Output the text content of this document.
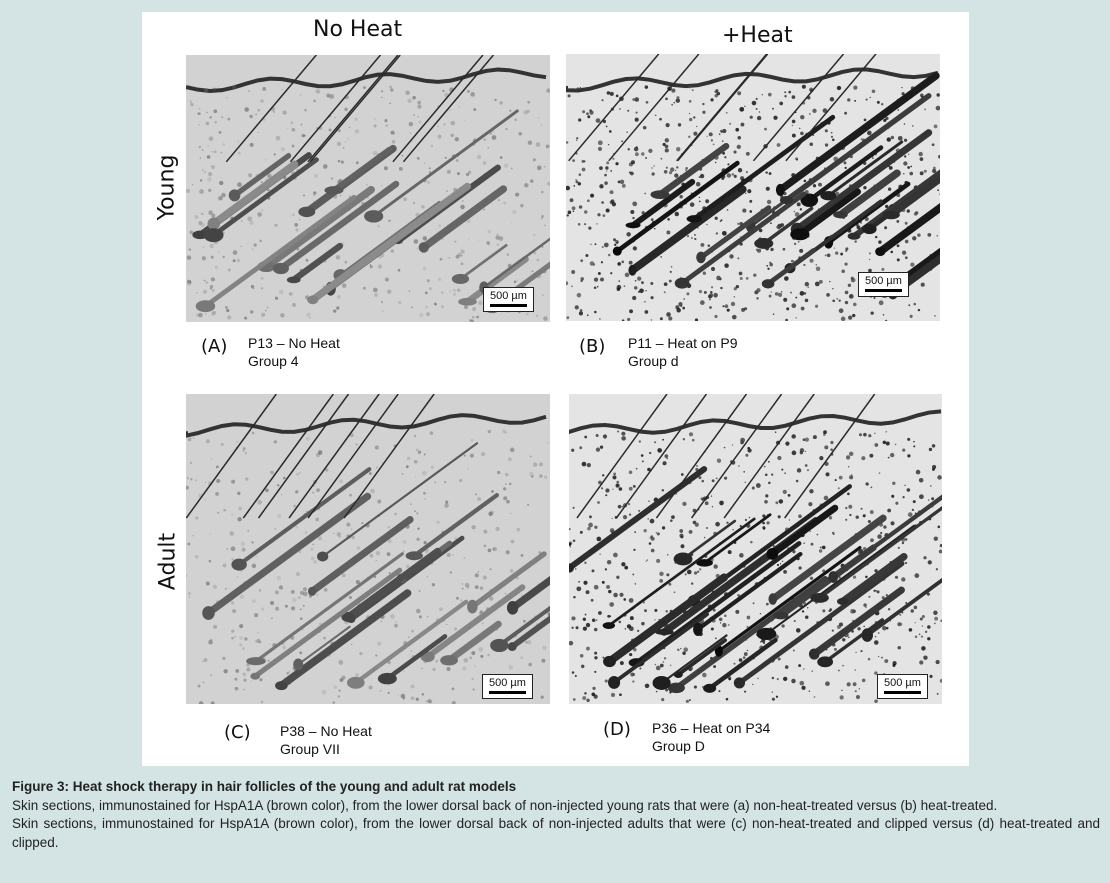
No Heat	+Heat
Young
Adult
500 µm
(A) P13 – No Heat
Group 4
500 µm
(B) P11 – Heat on P9
Group d
500 µm
(C) P38 – No Heat
Group VII
500 µm
(D) P36 – Heat on P34
Group D
Figure 3: Heat shock therapy in hair follicles of the young and adult rat models

Skin sections, immunostained for HspA1A (brown color), from the lower dorsal back of non-injected young rats that were (a) non-heat-treated versus (b) heat-treated.

Skin sections, immunostained for HspA1A (brown color), from the lower dorsal back of non-injected adults that were (c) non-heat-treated and clipped versus (d) heat-treated and clipped.
